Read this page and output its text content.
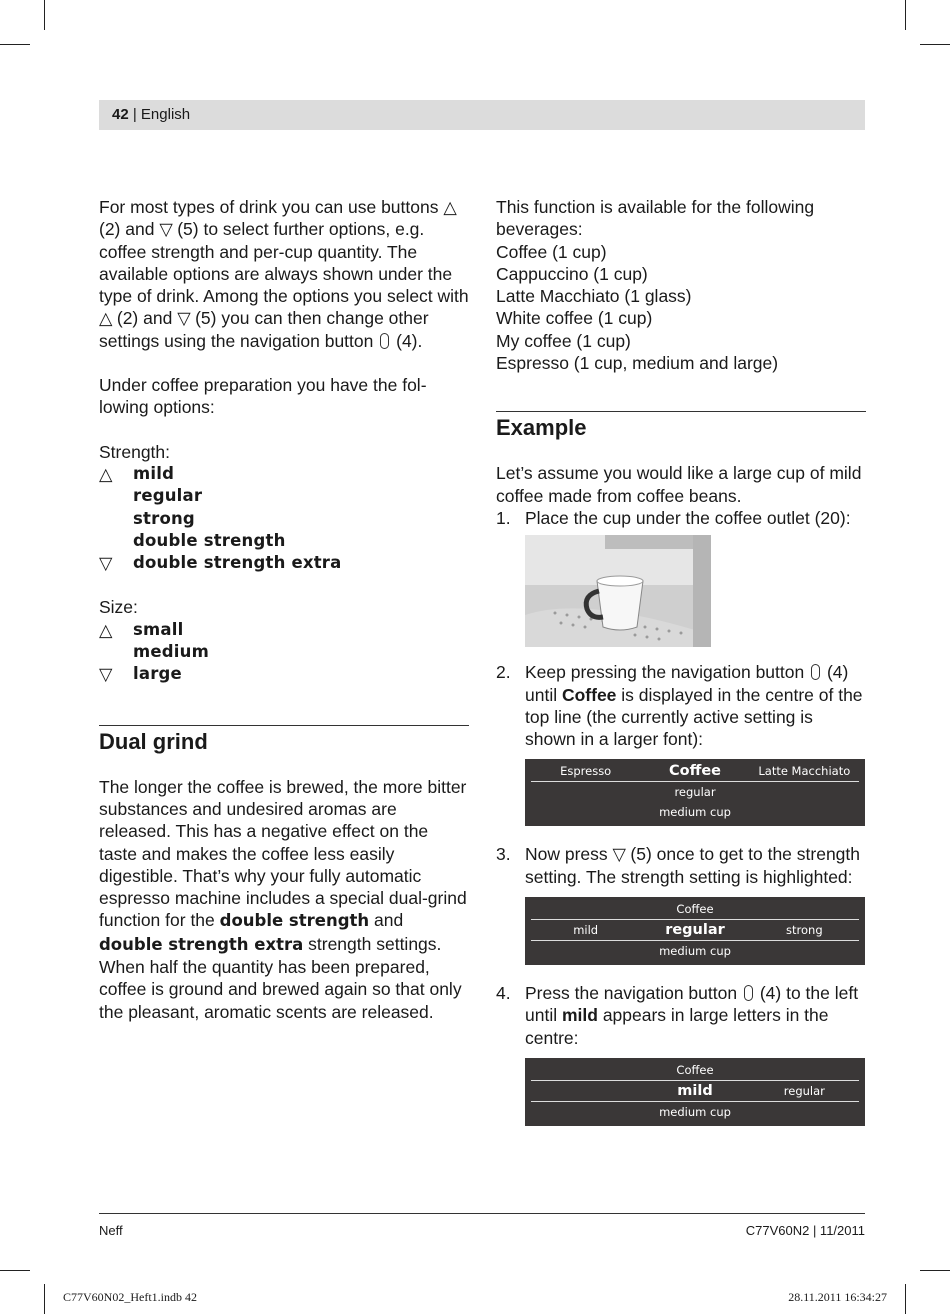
42 | English

For most types of drink you can use buttons △ (2) and ▽ (5) to select further options, e.g. coffee strength and per-cup quantity. The available options are always shown under the type of drink. Among the options you select with △ (2) and ▽ (5) you can then change other settings using the navigation button (4).

Under coffee preparation you have the following options:

Strength:

△	mild
regular
strong
double strength
▽	double strength extra

Size:

△	small
medium
▽	large
Dual grind

The longer the coffee is brewed, the more bitter substances and undesired aromas are released. This has a negative effect on the taste and makes the coffee less easily digestible. That’s why your fully automatic espresso machine includes a special dual-grind function for the double strength and double strength extra strength settings. When half the quantity has been prepared, coffee is ground and brewed again so that only the pleasant, aromatic scents are released.

This function is available for the following beverages:

Coffee (1 cup)

Cappuccino (1 cup)

Latte Macchiato (1 glass)

White coffee (1 cup)

My coffee (1 cup)

Espresso (1 cup, medium and large)

Example

Let’s assume you would like a large cup of mild coffee made from coffee beans.

1. Place the cup under the coffee outlet (20):
2. Keep pressing the navigation button (4) until Coffee is displayed in the centre of the top line (the currently active setting is shown in a larger font):
Espresso	Coffee	Latte Macchiato
regular
medium cup
3. Now press ▽ (5) once to get to the strength setting. The strength setting is highlighted:
Coffee
mild	regular	strong
medium cup
4. Press the navigation button (4) to the left until mild appears in large letters in the centre:
Coffee
mild	regular
medium cup
Neff	C77V60N2 | 11/2011
C77V60N02_Heft1.indb 42	28.11.2011 16:34:27
